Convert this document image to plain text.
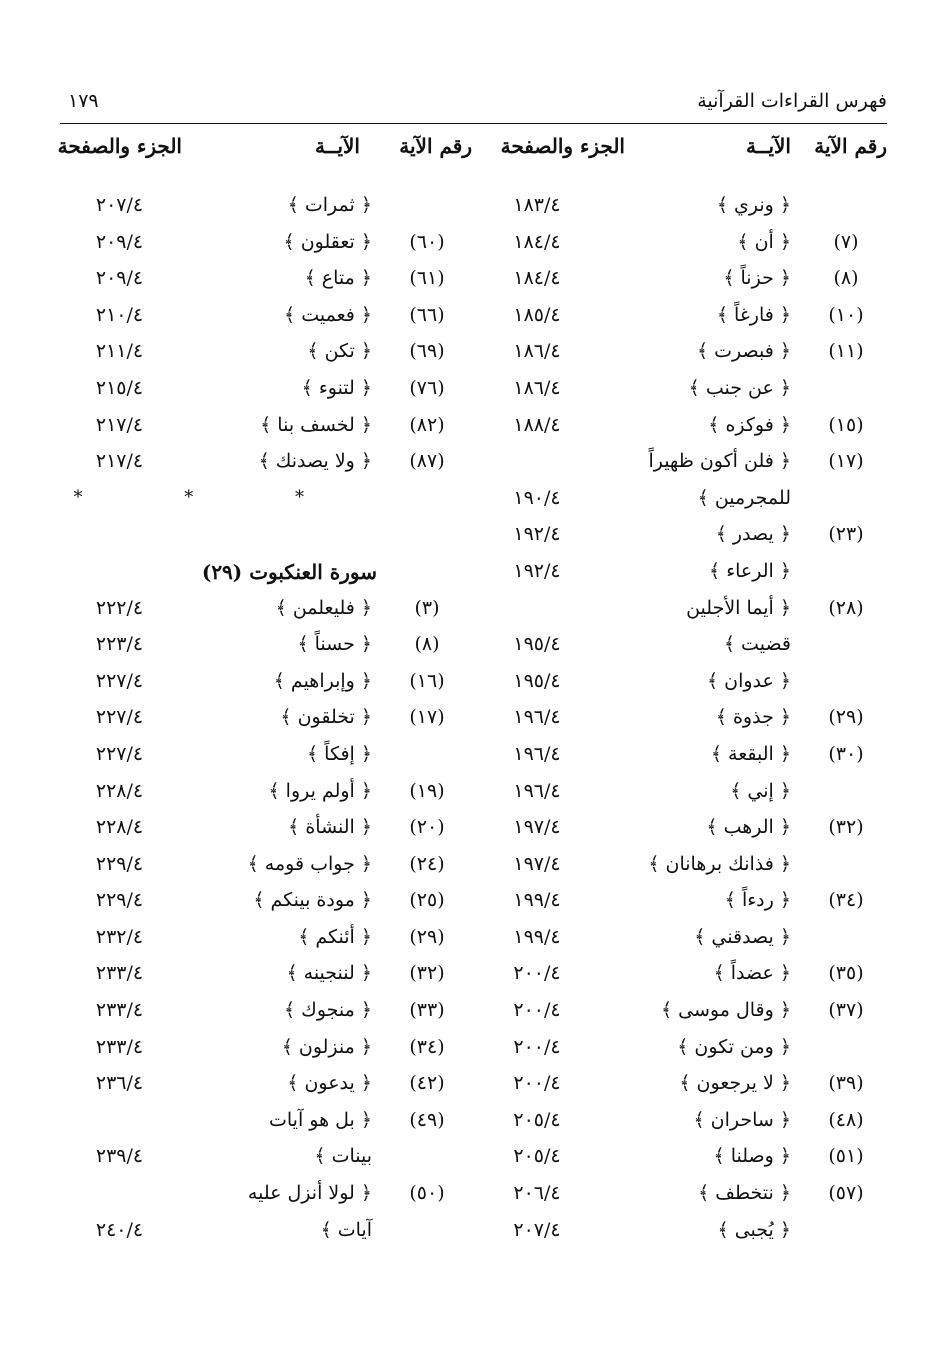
فهرس القراءات القرآنية
١٧٩
رقم الآية
الآيــة
الجزء والصفحة
﴿ ونري ﴾
١٨٣/٤
(٧)
﴿ أن ﴾
١٨٤/٤
(٨)
﴿ حزناً ﴾
١٨٤/٤
(١٠)
﴿ فارغاً ﴾
١٨٥/٤
(١١)
﴿ فبصرت ﴾
١٨٦/٤
﴿ عن جنب ﴾
١٨٦/٤
(١٥)
﴿ فوكزه ﴾
١٨٨/٤
(١٧)
﴿ فلن أكون ظهيراً
للمجرمين ﴾
١٩٠/٤
(٢٣)
﴿ يصدر ﴾
١٩٢/٤
﴿ الرعاء ﴾
١٩٢/٤
(٢٨)
﴿ أيما الأجلين
قضيت ﴾
١٩٥/٤
﴿ عدوان ﴾
١٩٥/٤
(٢٩)
﴿ جذوة ﴾
١٩٦/٤
(٣٠)
﴿ البقعة ﴾
١٩٦/٤
﴿ إني ﴾
١٩٦/٤
(٣٢)
﴿ الرهب ﴾
١٩٧/٤
﴿ فذانك برهانان ﴾
١٩٧/٤
(٣٤)
﴿ ردءاً ﴾
١٩٩/٤
﴿ يصدقني ﴾
١٩٩/٤
(٣٥)
﴿ عضداً ﴾
٢٠٠/٤
(٣٧)
﴿ وقال موسى ﴾
٢٠٠/٤
﴿ ومن تكون ﴾
٢٠٠/٤
(٣٩)
﴿ لا يرجعون ﴾
٢٠٠/٤
(٤٨)
﴿ ساحران ﴾
٢٠٥/٤
(٥١)
﴿ وصلنا ﴾
٢٠٥/٤
(٥٧)
﴿ نتخطف ﴾
٢٠٦/٤
﴿ يُجبى ﴾
٢٠٧/٤
رقم الآية
الآيــة
الجزء والصفحة
﴿ ثمرات ﴾
٢٠٧/٤
(٦٠)
﴿ تعقلون ﴾
٢٠٩/٤
(٦١)
﴿ متاع ﴾
٢٠٩/٤
(٦٦)
﴿ فعميت ﴾
٢١٠/٤
(٦٩)
﴿ تكن ﴾
٢١١/٤
(٧٦)
﴿ لتنوء ﴾
٢١٥/٤
(٨٢)
﴿ لخسف بنا ﴾
٢١٧/٤
(٨٧)
﴿ ولا يصدنك ﴾
٢١٧/٤
* * *
سورة العنكبوت (٢٩)
(٣)
﴿ فليعلمن ﴾
٢٢٢/٤
(٨)
﴿ حسناً ﴾
٢٢٣/٤
(١٦)
﴿ وإبراهيم ﴾
٢٢٧/٤
(١٧)
﴿ تخلقون ﴾
٢٢٧/٤
﴿ إفكاً ﴾
٢٢٧/٤
(١٩)
﴿ أولم يروا ﴾
٢٢٨/٤
(٢٠)
﴿ النشأة ﴾
٢٢٨/٤
(٢٤)
﴿ جواب قومه ﴾
٢٢٩/٤
(٢٥)
﴿ مودة بينكم ﴾
٢٢٩/٤
(٢٩)
﴿ أئنكم ﴾
٢٣٢/٤
(٣٢)
﴿ لننجينه ﴾
٢٣٣/٤
(٣٣)
﴿ منجوك ﴾
٢٣٣/٤
(٣٤)
﴿ منزلون ﴾
٢٣٣/٤
(٤٢)
﴿ يدعون ﴾
٢٣٦/٤
(٤٩)
﴿ بل هو آيات
بينات ﴾
٢٣٩/٤
(٥٠)
﴿ لولا أنزل عليه
آيات ﴾
٢٤٠/٤
